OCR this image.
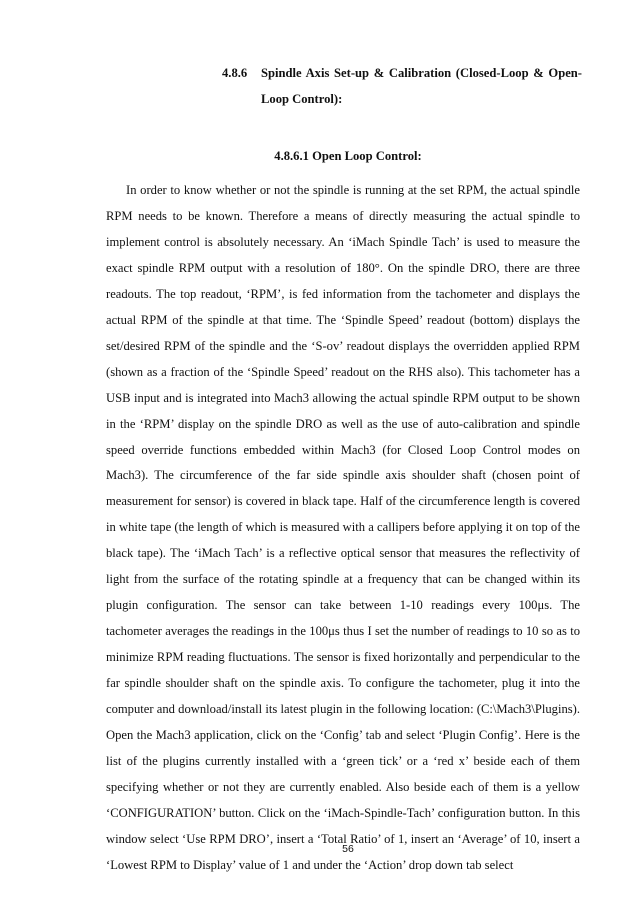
4.8.6 Spindle Axis Set-up & Calibration (Closed-Loop & Open-Loop Control):
4.8.6.1 Open Loop Control:

In order to know whether or not the spindle is running at the set RPM, the actual spindle RPM needs to be known. Therefore a means of directly measuring the actual spindle to implement control is absolutely necessary. An ‘iMach Spindle Tach’ is used to measure the exact spindle RPM output with a resolution of 180°. On the spindle DRO, there are three readouts. The top readout, ‘RPM’, is fed information from the tachometer and displays the actual RPM of the spindle at that time. The ‘Spindle Speed’ readout (bottom) displays the set/desired RPM of the spindle and the ‘S-ov’ readout displays the overridden applied RPM (shown as a fraction of the ‘Spindle Speed’ readout on the RHS also). This tachometer has a USB input and is integrated into Mach3 allowing the actual spindle RPM output to be shown in the ‘RPM’ display on the spindle DRO as well as the use of auto-calibration and spindle speed override functions embedded within Mach3 (for Closed Loop Control modes on Mach3). The circumference of the far side spindle axis shoulder shaft (chosen point of measurement for sensor) is covered in black tape. Half of the circumference length is covered in white tape (the length of which is measured with a callipers before applying it on top of the black tape). The ‘iMach Tach’ is a reflective optical sensor that measures the reflectivity of light from the surface of the rotating spindle at a frequency that can be changed within its plugin configuration. The sensor can take between 1-10 readings every 100μs. The tachometer averages the readings in the 100μs thus I set the number of readings to 10 so as to minimize RPM reading fluctuations. The sensor is fixed horizontally and perpendicular to the far spindle shoulder shaft on the spindle axis. To configure the tachometer, plug it into the computer and download/install its latest plugin in the following location: (C:\Mach3\Plugins). Open the Mach3 application, click on the ‘Config’ tab and select ‘Plugin Config’. Here is the list of the plugins currently installed with a ‘green tick’ or a ‘red x’ beside each of them specifying whether or not they are currently enabled. Also beside each of them is a yellow ‘CONFIGURATION’ button. Click on the ‘iMach-Spindle-Tach’ configuration button. In this window select ‘Use RPM DRO’, insert a ‘Total Ratio’ of 1, insert an ‘Average’ of 10, insert a ‘Lowest RPM to Display’ value of 1 and under the ‘Action’ drop down tab select

56
